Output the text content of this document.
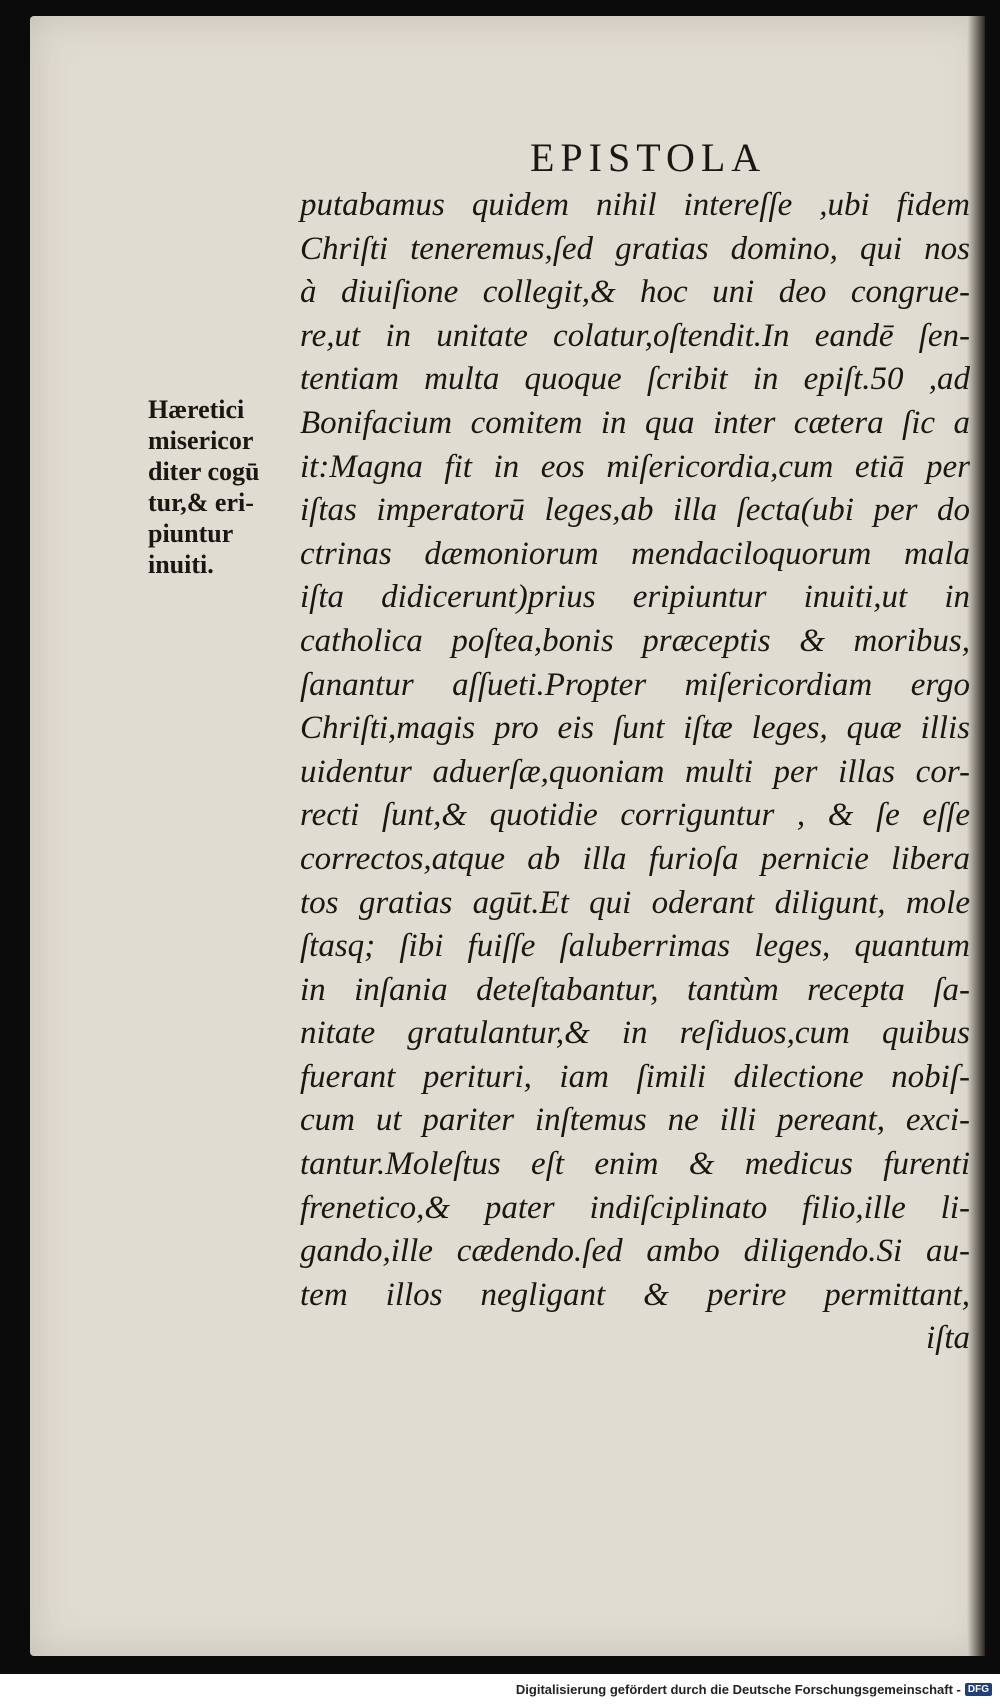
EPISTOLA
Hæretici
misericor
diter cogū
tur,& eri-
piuntur
inuiti.
putabamus quidem nihil intereſſe ,ubi fidem
Chriſti teneremus,ſed gratias domino, qui nos
à diuiſione collegit,& hoc uni deo congrue-
re,ut in unitate colatur,oſtendit.In eandē ſen-
tentiam multa quoque ſcribit in epiſt.50 ,ad
Bonifacium comitem in qua inter cætera ſic a
it:Magna fit in eos miſericordia,cum etiā per
iſtas imperatorū leges,ab illa ſecta(ubi per do
ctrinas dæmoniorum mendaciloquorum mala
iſta didicerunt)prius eripiuntur inuiti,ut in
catholica poſtea,bonis præceptis & moribus,
ſanantur aſſueti.Propter miſericordiam ergo
Chriſti,magis pro eis ſunt iſtæ leges, quæ illis
uidentur aduerſæ,quoniam multi per illas cor-
recti ſunt,& quotidie corriguntur , & ſe eſſe
correctos,atque ab illa furioſa pernicie libera
tos gratias agūt.Et qui oderant diligunt, mole
ſtasq; ſibi fuiſſe ſaluberrimas leges, quantum
in inſania deteſtabantur, tantùm recepta ſa-
nitate gratulantur,& in reſiduos,cum quibus
fuerant perituri, iam ſimili dilectione nobiſ-
cum ut pariter inſtemus ne illi pereant, exci-
tantur.Moleſtus eſt enim & medicus furenti
frenetico,& pater indiſciplinato filio,ille li-
gando,ille cædendo.ſed ambo diligendo.Si au-
tem illos negligant & perire permittant,
iſta
Digitalisierung gefördert durch die Deutsche Forschungsgemeinschaft - DFG
